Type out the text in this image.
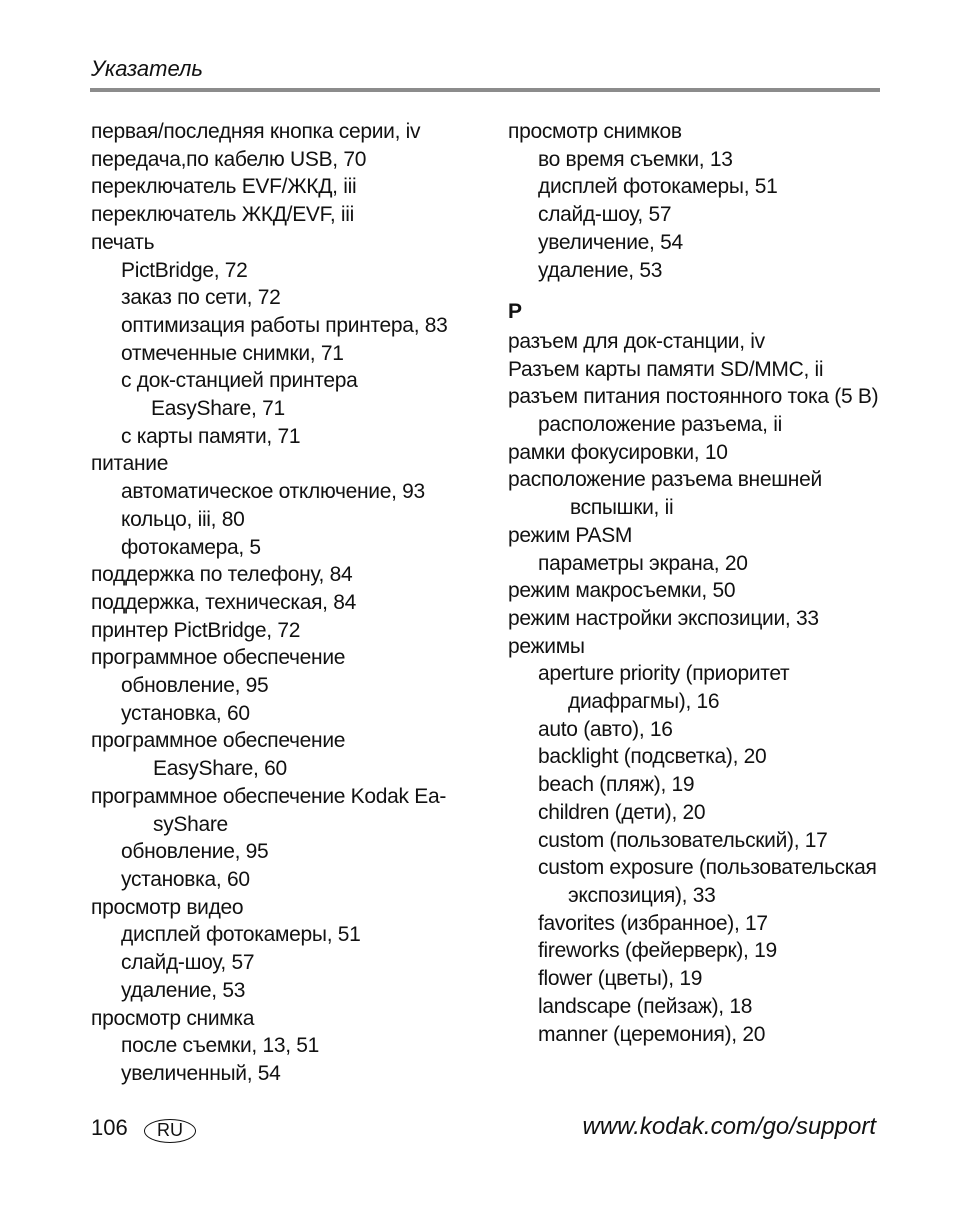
Указатель
первая/последняя кнопка серии, iv
передача,по кабелю USB, 70
переключатель EVF/ЖКД, iii
переключатель ЖКД/EVF, iii
печать
PictBridge, 72
заказ по сети, 72
оптимизация работы принтера, 83
отмеченные снимки, 71
с док-станцией принтера
EasyShare, 71
с карты памяти, 71
питание
автоматическое отключение, 93
кольцо, iii, 80
фотокамера, 5
поддержка по телефону, 84
поддержка, техническая, 84
принтер PictBridge, 72
программное обеспечение
обновление, 95
установка, 60
программное обеспечение
EasyShare, 60
программное обеспечение Kodak Ea-
syShare
обновление, 95
установка, 60
просмотр видео
дисплей фотокамеры, 51
слайд-шоу, 57
удаление, 53
просмотр снимка
после съемки, 13, 51
увеличенный, 54
просмотр снимков
во время съемки, 13
дисплей фотокамеры, 51
слайд-шоу, 57
увеличение, 54
удаление, 53
Р
разъем для док-станции, iv
Разъем карты памяти SD/MMC, ii
разъем питания постоянного тока (5 В)
расположение разъема, ii
рамки фокусировки, 10
расположение разъема внешней
вспышки, ii
режим PASM
параметры экрана, 20
режим макросъемки, 50
режим настройки экспозиции, 33
режимы
aperture priority (приоритет
диафрагмы), 16
auto (авто), 16
backlight (подсветка), 20
beach (пляж), 19
children (дети), 20
custom (пользовательский), 17
custom exposure (пользовательская
экспозиция), 33
favorites (избранное), 17
fireworks (фейерверк), 19
flower (цветы), 19
landscape (пейзаж), 18
manner (церемония), 20
106	RU	www.kodak.com/go/support
